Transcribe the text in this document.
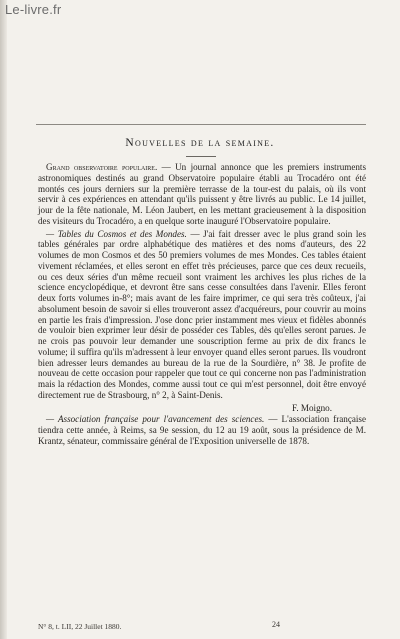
Le-livre.fr
Nouvelles de la semaine.

Grand observatoire populaire. — Un journal annonce que les premiers instruments astronomiques destinés au grand Observatoire populaire établi au Trocadéro ont été montés ces jours derniers sur la première terrasse de la tour-est du palais, où ils vont servir à ces expériences en attendant qu'ils puissent y être livrés au public. Le 14 juillet, jour de la fête nationale, M. Léon Jaubert, en les mettant gracieusement à la disposition des visiteurs du Trocadéro, a en quelque sorte inauguré l'Observatoire populaire.

— Tables du Cosmos et des Mondes. — J'ai fait dresser avec le plus grand soin les tables générales par ordre alphabétique des matières et des noms d'auteurs, des 22 volumes de mon Cosmos et des 50 premiers volumes de mes Mondes. Ces tables étaient vivement réclamées, et elles seront en effet très précieuses, parce que ces deux recueils, ou ces deux séries d'un même recueil sont vraiment les archives les plus riches de la science encyclopédique, et devront être sans cesse consultées dans l'avenir. Elles feront deux forts volumes in-8°; mais avant de les faire imprimer, ce qui sera très coûteux, j'ai absolument besoin de savoir si elles trouveront assez d'acquéreurs, pour couvrir au moins en partie les frais d'impression. J'ose donc prier instamment mes vieux et fidèles abonnés de vouloir bien exprimer leur désir de posséder ces Tables, dès qu'elles seront parues. Je ne crois pas pouvoir leur demander une souscription ferme au prix de dix francs le volume; il suffira qu'ils m'adressent à leur envoyer quand elles seront parues. Ils voudront bien adresser leurs demandes au bureau de la rue de la Sourdière, n° 38. Je profite de nouveau de cette occasion pour rappeler que tout ce qui concerne non pas l'administration mais la rédaction des Mondes, comme aussi tout ce qui m'est personnel, doit être envoyé directement rue de Strasbourg, n° 2, à Saint-Denis.

F. Moigno.

— Association française pour l'avancement des sciences. — L'association française tiendra cette année, à Reims, sa 9e session, du 12 au 19 août, sous la présidence de M. Krantz, sénateur, commissaire général de l'Exposition universelle de 1878.

N° 8, t. LII, 22 Juillet 1880.	24
